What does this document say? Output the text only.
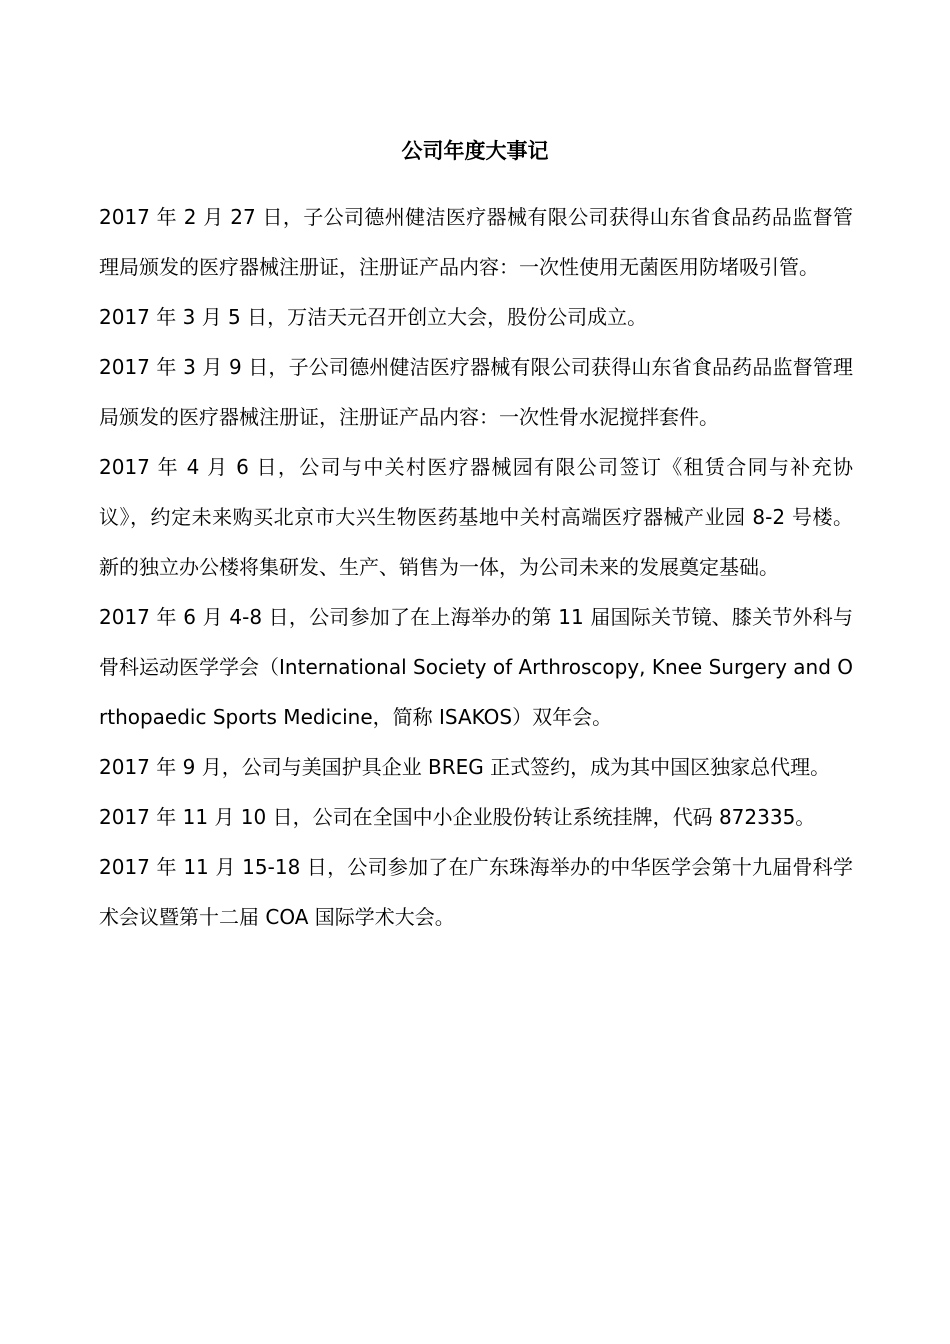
公司年度大事记

2017 年 2 月 27 日，子公司德州健洁医疗器械有限公司获得山东省食品药品监督管理局颁发的医疗器械注册证，注册证产品内容：一次性使用无菌医用防堵吸引管。

2017 年 3 月 5 日，万洁天元召开创立大会，股份公司成立。

2017 年 3 月 9 日，子公司德州健洁医疗器械有限公司获得山东省食品药品监督管理局颁发的医疗器械注册证，注册证产品内容：一次性骨水泥搅拌套件。

2017 年 4 月 6 日，公司与中关村医疗器械园有限公司签订《租赁合同与补充协议》，约定未来购买北京市大兴生物医药基地中关村高端医疗器械产业园 8-2 号楼。新的独立办公楼将集研发、生产、销售为一体，为公司未来的发展奠定基础。

2017 年 6 月 4-8 日，公司参加了在上海举办的第 11 届国际关节镜、膝关节外科与骨科运动医学学会（International Society of Arthroscopy, Knee Surgery and Orthopaedic Sports Medicine，简称 ISAKOS）双年会。

2017 年 9 月，公司与美国护具企业 BREG 正式签约，成为其中国区独家总代理。

2017 年 11 月 10 日，公司在全国中小企业股份转让系统挂牌，代码 872335。

2017 年 11 月 15-18 日，公司参加了在广东珠海举办的中华医学会第十九届骨科学术会议暨第十二届 COA 国际学术大会。
